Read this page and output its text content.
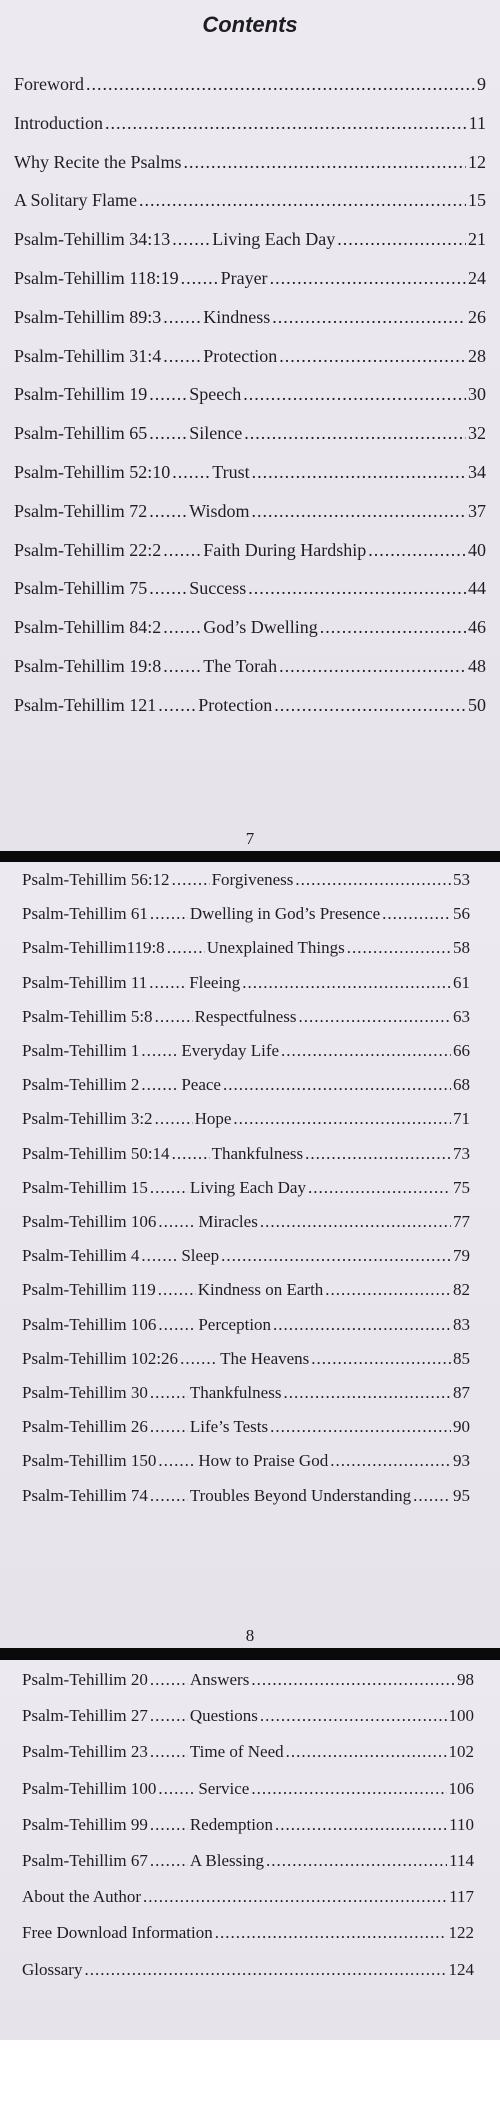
Contents
Foreword .....	9
Introduction .....	11
Why Recite the Psalms .....	12
A Solitary Flame .....	15
Psalm-Tehillim 34:13 ..... Living Each Day .....	21
Psalm-Tehillim 118:19 ..... Prayer .....	24
Psalm-Tehillim 89:3 ..... Kindness .....	26
Psalm-Tehillim 31:4 ..... Protection .....	28
Psalm-Tehillim 19 ..... Speech .....	30
Psalm-Tehillim 65 ..... Silence .....	32
Psalm-Tehillim 52:10 ..... Trust .....	34
Psalm-Tehillim 72 ..... Wisdom .....	37
Psalm-Tehillim 22:2 ..... Faith During Hardship .....	40
Psalm-Tehillim 75 ..... Success .....	44
Psalm-Tehillim 84:2 ..... God’s Dwelling .....	46
Psalm-Tehillim 19:8 ..... The Torah .....	48
Psalm-Tehillim 121 ..... Protection .....	50
7
Psalm-Tehillim 56:12 ..... Forgiveness .....	53
Psalm-Tehillim 61 ..... Dwelling in God’s Presence .....	56
Psalm-Tehillim119:8 ..... Unexplained Things .....	58
Psalm-Tehillim 11 ..... Fleeing .....	61
Psalm-Tehillim 5:8 ..... Respectfulness .....	63
Psalm-Tehillim 1 ..... Everyday Life .....	66
Psalm-Tehillim 2 ..... Peace .....	68
Psalm-Tehillim 3:2 ..... Hope .....	71
Psalm-Tehillim 50:14 ..... Thankfulness .....	73
Psalm-Tehillim 15 ..... Living Each Day .....	75
Psalm-Tehillim 106 ..... Miracles .....	77
Psalm-Tehillim 4 ..... Sleep .....	79
Psalm-Tehillim 119 ..... Kindness on Earth .....	82
Psalm-Tehillim 106 ..... Perception .....	83
Psalm-Tehillim 102:26 ..... The Heavens .....	85
Psalm-Tehillim 30 ..... Thankfulness .....	87
Psalm-Tehillim 26 ..... Life’s Tests .....	90
Psalm-Tehillim 150 ..... How to Praise God .....	93
Psalm-Tehillim 74 ..... Troubles Beyond Understanding ..... 95
8
Psalm-Tehillim 20 ..... Answers .....	98
Psalm-Tehillim 27 ..... Questions .....	100
Psalm-Tehillim 23 ..... Time of Need .....	102
Psalm-Tehillim 100 ..... Service .....	106
Psalm-Tehillim 99 ..... Redemption .....	110
Psalm-Tehillim 67 ..... A Blessing .....	114
About the Author .....	117
Free Download Information .....	122
Glossary .....	124
